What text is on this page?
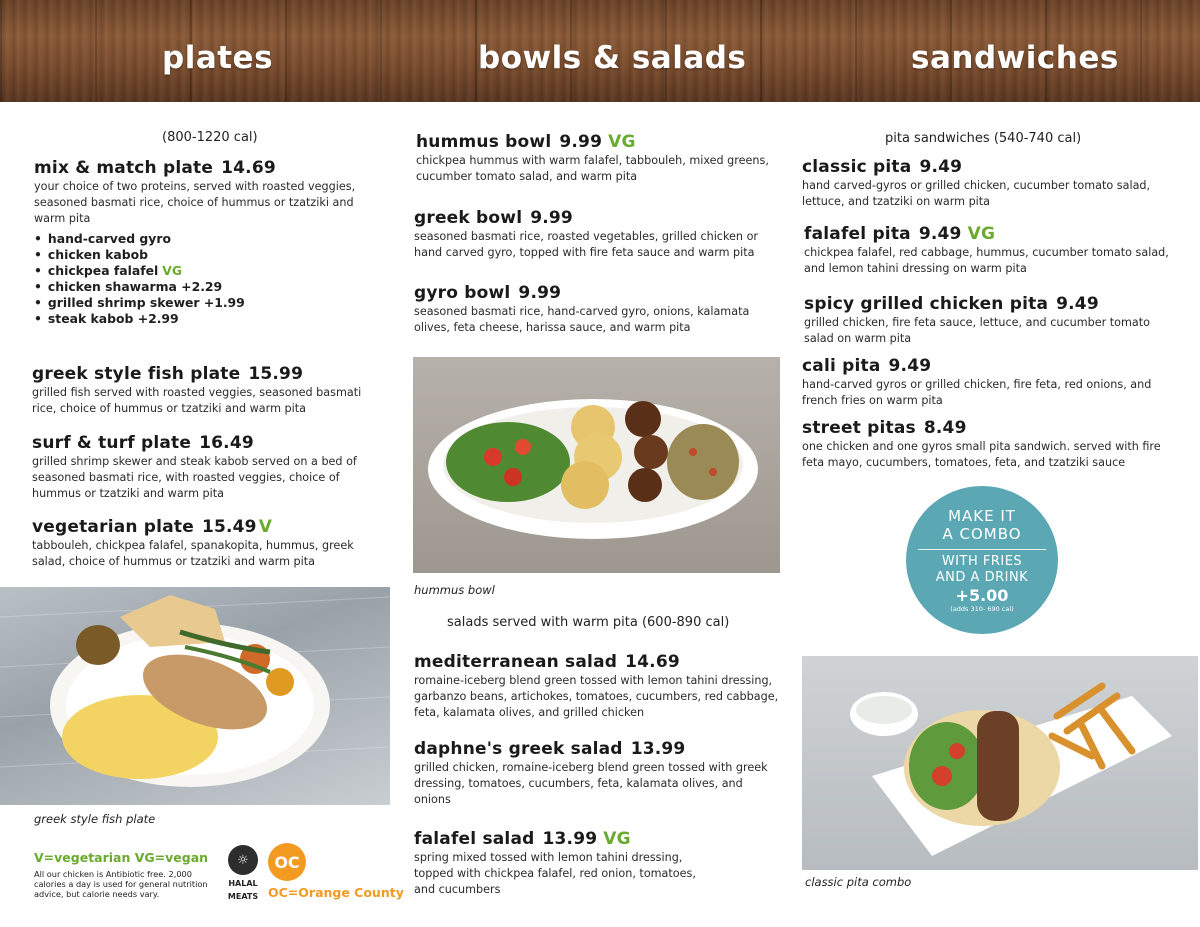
plates	bowls & salads	sandwiches
(800-1220 cal)
mix & match plate 14.69
your choice of two proteins, served with roasted veggies, seasoned basmati rice, choice of hummus or tzatziki and warm pita
• hand-carved gyro
• chicken kabob
• chickpea falafel VG
• chicken shawarma +2.29
• grilled shrimp skewer +1.99
• steak kabob +2.99
greek style fish plate 15.99
grilled fish served with roasted veggies, seasoned basmati rice, choice of hummus or tzatziki and warm pita
surf & turf plate 16.49
grilled shrimp skewer and steak kabob served on a bed of seasoned basmati rice, with roasted veggies, choice of hummus or tzatziki and warm pita
vegetarian plate 15.49 V
tabbouleh, chickpea falafel, spanakopita, hummus, greek salad, choice of hummus or tzatziki and warm pita
greek style fish plate
V=vegetarian VG=vegan
All our chicken is Antibiotic free. 2,000 calories a day is used for general nutrition advice, but calorie needs vary.
☼
HALAL
MEATS
OC
OC=Orange County
hummus bowl 9.99 VG
chickpea hummus with warm falafel, tabbouleh, mixed greens, cucumber tomato salad, and warm pita
greek bowl 9.99
seasoned basmati rice, roasted vegetables, grilled chicken or hand carved gyro, topped with fire feta sauce and warm pita
gyro bowl 9.99
seasoned basmati rice, hand-carved gyro, onions, kalamata olives, feta cheese, harissa sauce, and warm pita
hummus bowl
salads served with warm pita (600-890 cal)
mediterranean salad 14.69
romaine-iceberg blend green tossed with lemon tahini dressing, garbanzo beans, artichokes, tomatoes, cucumbers, red cabbage, feta, kalamata olives, and grilled chicken
daphne's greek salad 13.99
grilled chicken, romaine-iceberg blend green tossed with greek dressing, tomatoes, cucumbers, feta, kalamata olives, and onions
falafel salad 13.99 VG
spring mixed tossed with lemon tahini dressing, topped with chickpea falafel, red onion, tomatoes, and cucumbers
pita sandwiches (540-740 cal)
classic pita 9.49
hand carved-gyros or grilled chicken, cucumber tomato salad, lettuce, and tzatziki on warm pita
falafel pita 9.49 VG
chickpea falafel, red cabbage, hummus, cucumber tomato salad, and lemon tahini dressing on warm pita
spicy grilled chicken pita 9.49
grilled chicken, fire feta sauce, lettuce, and cucumber tomato salad on warm pita
cali pita 9.49
hand-carved gyros or grilled chicken, fire feta, red onions, and french fries on warm pita
street pitas 8.49
one chicken and one gyros small pita sandwich. served with fire feta mayo, cucumbers, tomatoes, feta, and tzatziki sauce
MAKE IT
A COMBO
WITH FRIES
AND A DRINK
+5.00
(adds 310- 690 cal)
classic pita combo
